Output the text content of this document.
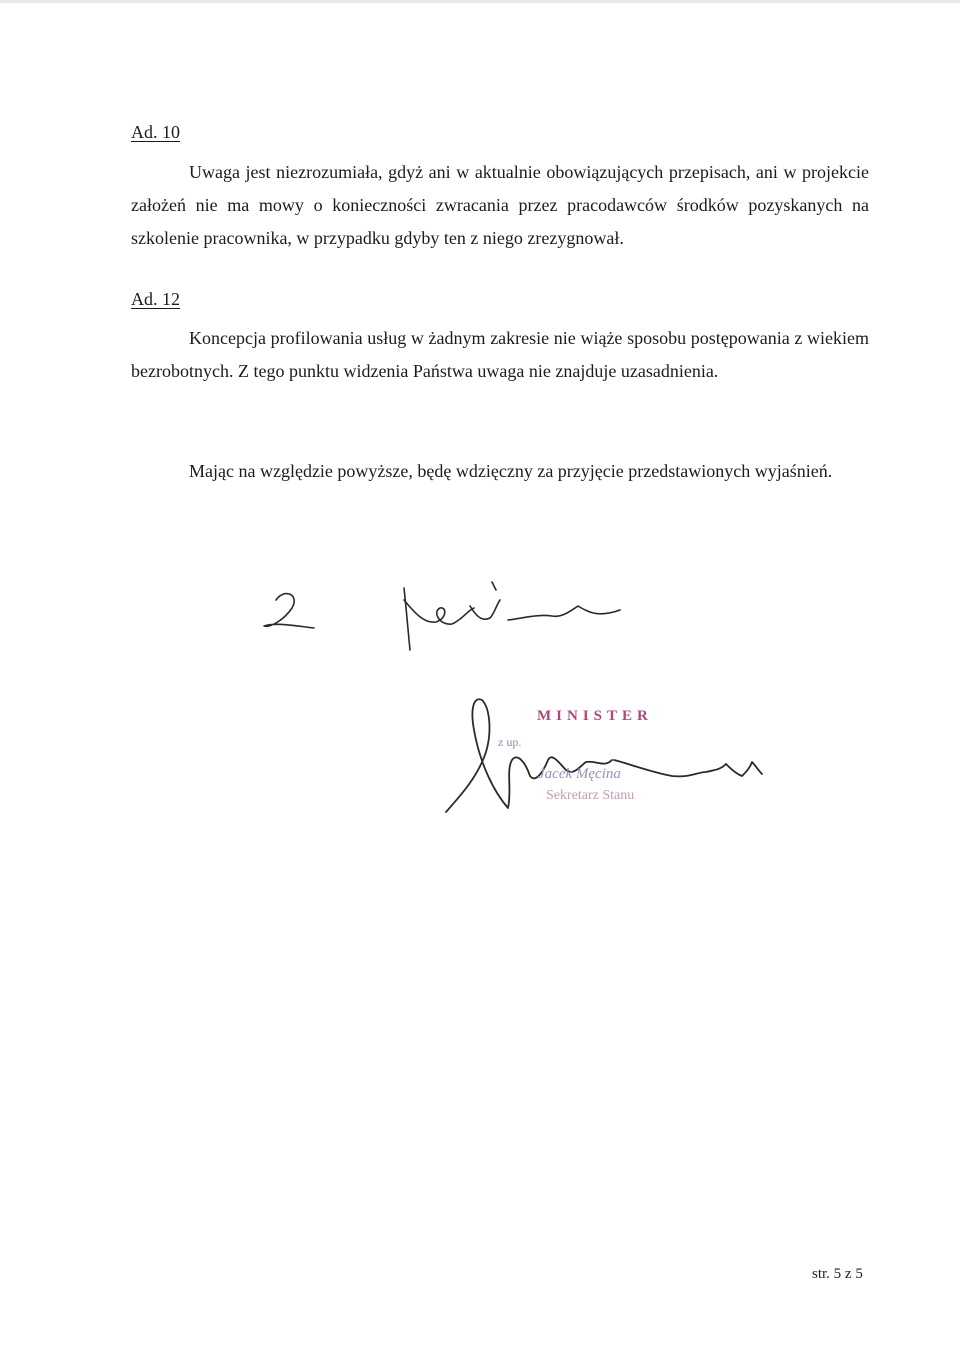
Ad. 10

Uwaga jest niezrozumiała, gdyż ani w aktualnie obowiązujących przepisach, ani w projekcie założeń nie ma mowy o konieczności zwracania przez pracodawców środków pozyskanych na szkolenie pracownika, w przypadku gdyby ten z niego zrezygnował.

Ad. 12

Koncepcja profilowania usług w żadnym zakresie nie wiąże sposobu postępowania z wiekiem bezrobotnych. Z tego punktu widzenia Państwa uwaga nie znajduje uzasadnienia.

Mając na względzie powyższe, będę wdzięczny za przyjęcie przedstawionych wyjaśnień.

MINISTER
z up.
Jacek Męcina
Sekretarz Stanu
str. 5 z 5
